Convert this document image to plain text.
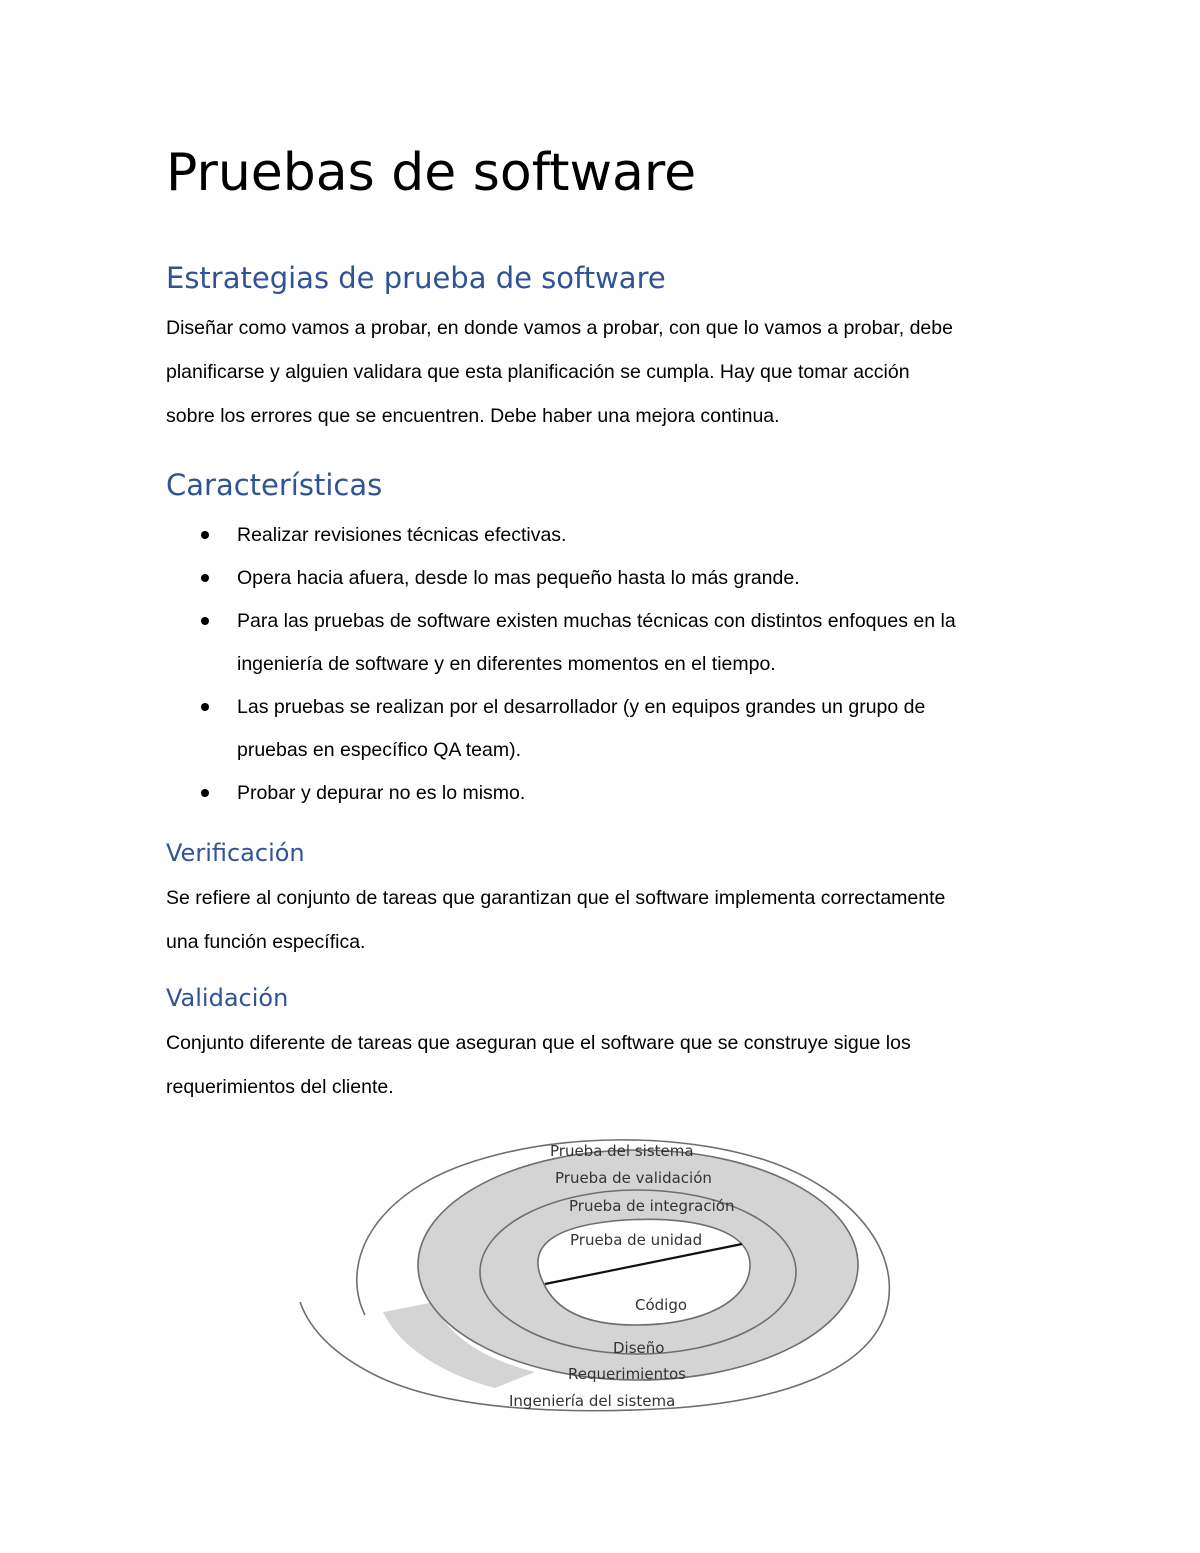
Pruebas de software
Estrategias de prueba de software

Diseñar como vamos a probar, en donde vamos a probar, con que lo vamos a probar, debe
planificarse y alguien validara que esta planificación se cumpla. Hay que tomar acción
sobre los errores que se encuentren. Debe haber una mejora continua.

Características
Realizar revisiones técnicas efectivas.
Opera hacia afuera, desde lo mas pequeño hasta lo más grande.
Para las pruebas de software existen muchas técnicas con distintos enfoques en la
ingeniería de software y en diferentes momentos en el tiempo.
Las pruebas se realizan por el desarrollador (y en equipos grandes un grupo de
pruebas en específico QA team).
Probar y depurar no es lo mismo.
Verificación

Se refiere al conjunto de tareas que garantizan que el software implementa correctamente
una función específica.

Validación

Conjunto diferente de tareas que aseguran que el software que se construye sigue los
requerimientos del cliente.

Prueba del sistema
Prueba de validación
Prueba de integración
Prueba de unidad
Código
Diseño
Requerimientos
Ingeniería del sistema
